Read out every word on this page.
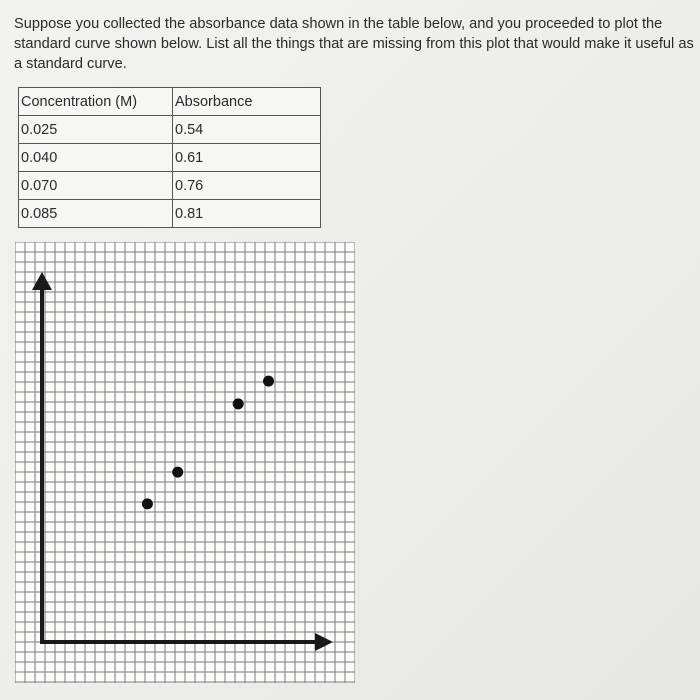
Suppose you collected the absorbance data shown in the table below, and you proceeded to plot the standard curve shown below. List all the things that are missing from this plot that would make it useful as a standard curve.

Concentration (M)	Absorbance
0.025	0.54
0.040	0.61
0.070	0.76
0.085	0.81
